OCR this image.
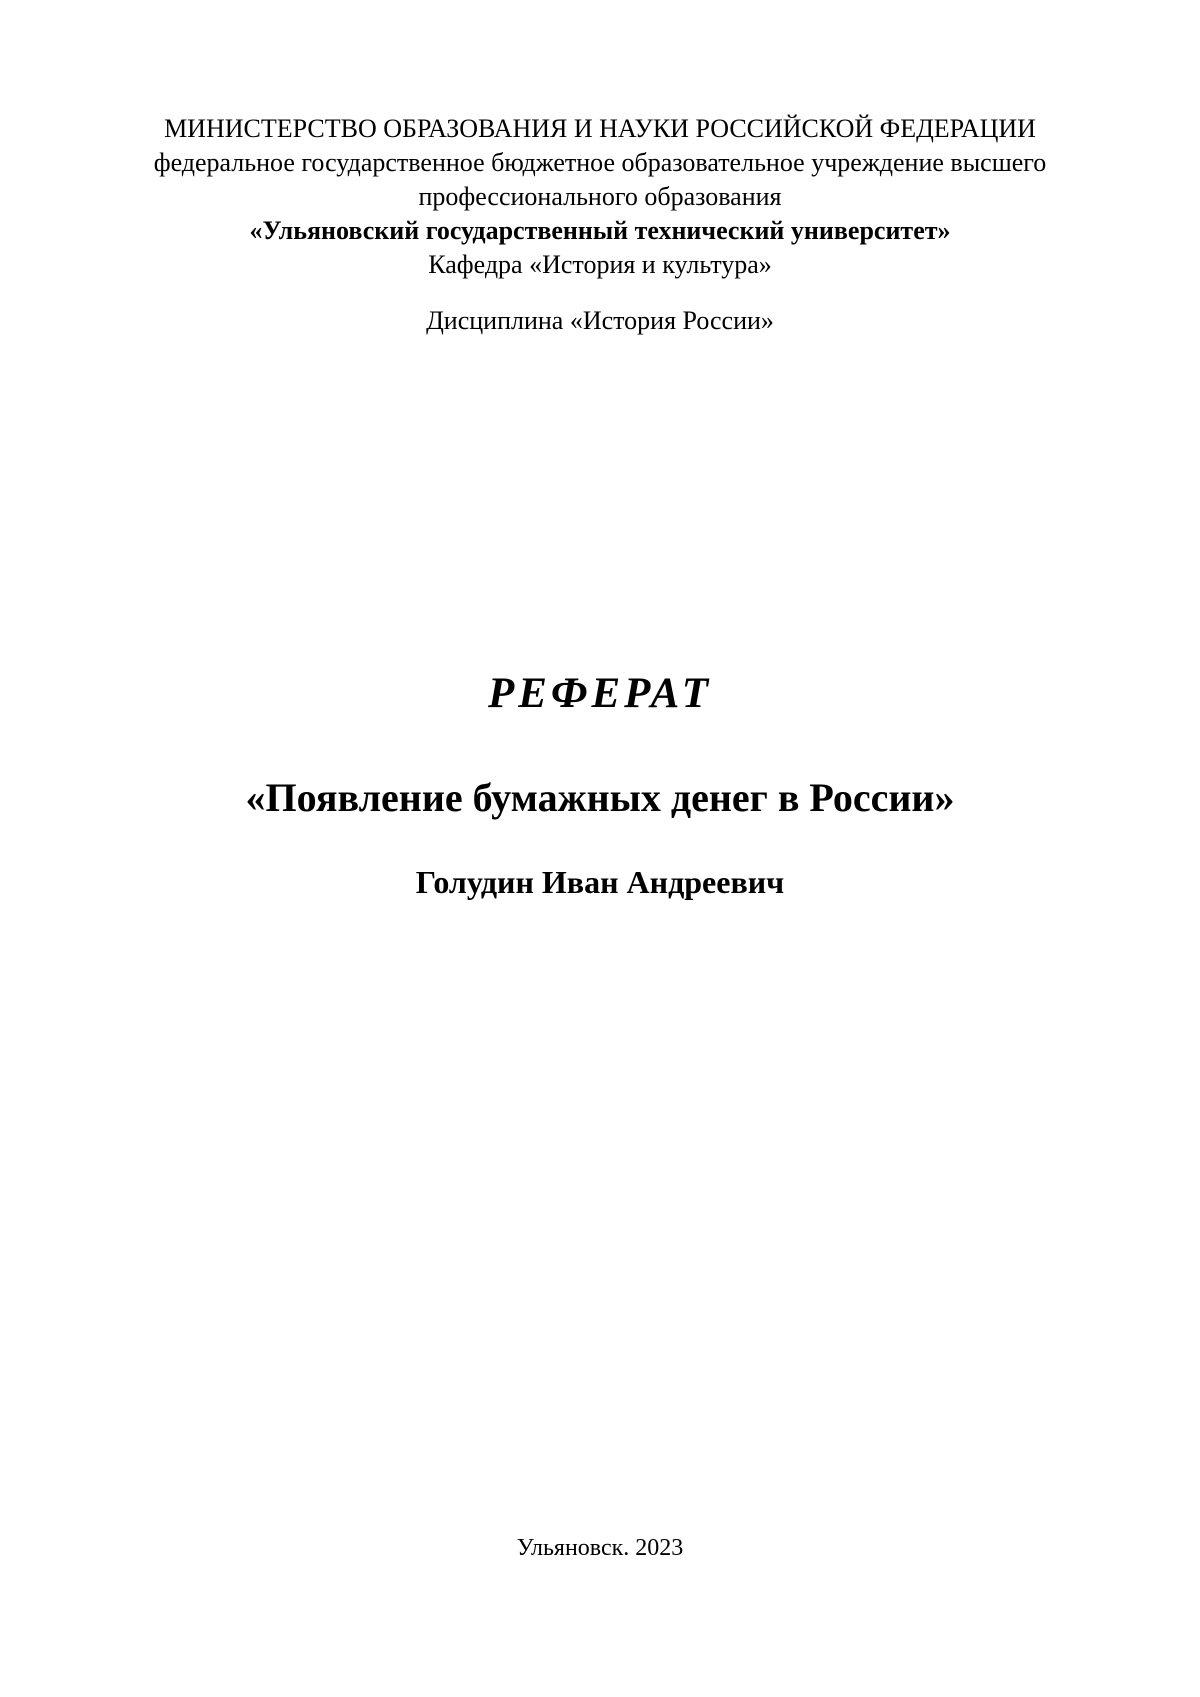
МИНИСТЕРСТВО ОБРАЗОВАНИЯ И НАУКИ РОССИЙСКОЙ ФЕДЕРАЦИИ
федеральное государственное бюджетное образовательное учреждение высшего
профессионального образования
«Ульяновский государственный технический университет»
Кафедра «История и культура»
Дисциплина «История России»
РЕФЕРАТ
«Появление бумажных денег в России»
Голудин Иван Андреевич
Ульяновск. 2023
